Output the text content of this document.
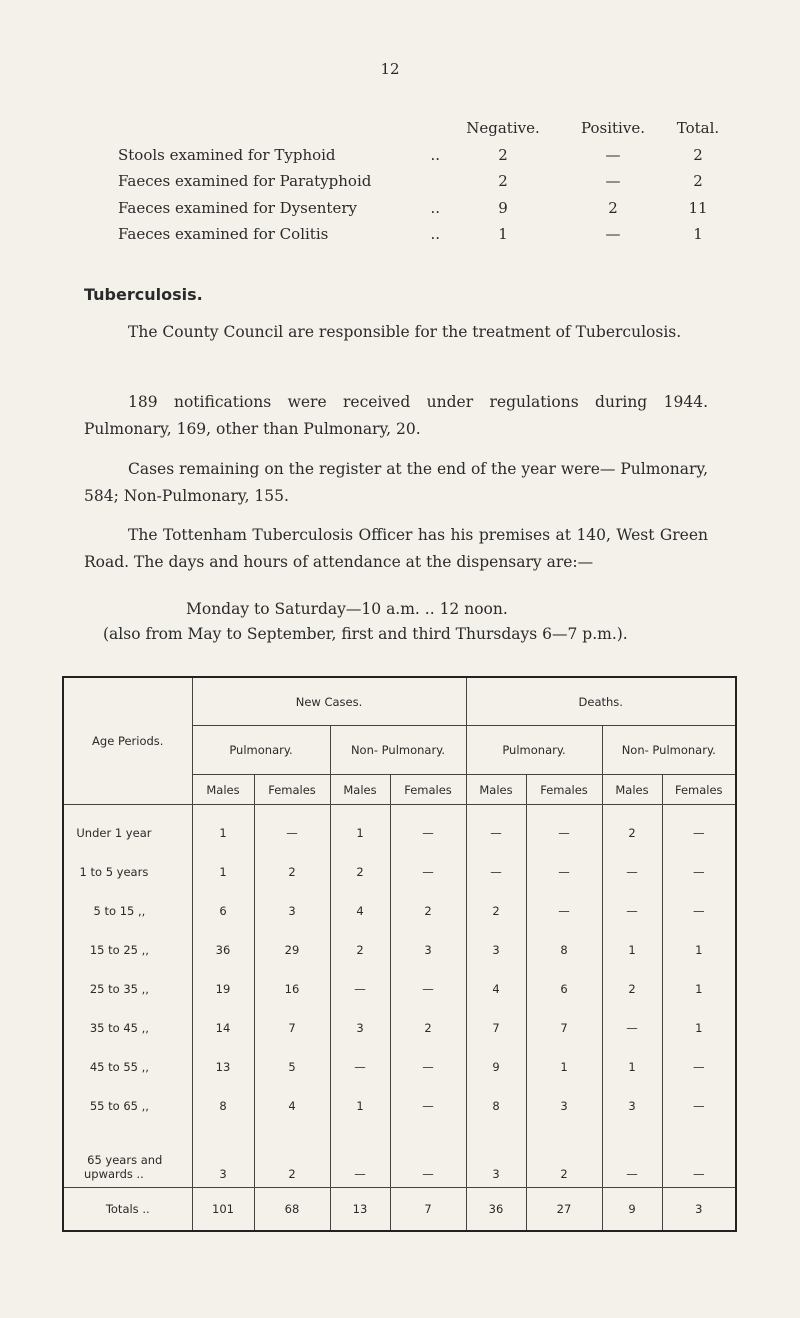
12
	Negative.	Positive.	Total.
Stools examined for Typhoid ..	2	—	2
Faeces examined for Paratyphoid	2	—	2
Faeces examined for Dysentery ..	9	2	11
Faeces examined for Colitis ..	1	—	1
Tuberculosis.
The County Council are responsible for the treatment of Tuberculosis.
189 notifications were received under regulations during 1944. Pulmonary, 169, other than Pulmonary, 20.
Cases remaining on the register at the end of the year were— Pulmonary, 584; Non-Pulmonary, 155.
The Tottenham Tuberculosis Officer has his premises at 140, West Green Road. The days and hours of attendance at the dispensary are:—
Monday to Saturday—10 a.m. .. 12 noon.
(also from May to September, first and third Thursdays 6—7 p.m.).
Age Periods.	New Cases.				Deaths.			
	Pulmonary.		Non- Pulmonary.		Pulmonary.		Non- Pulmonary.	
	Males	Females	Males	Females	Males	Females	Males	Females
Under 1 year	1	—	1	—	—	—	2	—
1 to 5 years	1	2	2	—	—	—	—	—
5 to 15 ,,	6	3	4	2	2	—	—	—
15 to 25 ,,	36	29	2	3	3	8	1	1
25 to 35 ,,	19	16	—	—	4	6	2	1
35 to 45 ,,	14	7	3	2	7	7	—	1
45 to 55 ,,	13	5	—	—	9	1	1	—
55 to 65 ,,	8	4	1	—	8	3	3	—
65 years and upwards ..	3	2	—	—	3	2	—	—
Totals ..	101	68	13	7	36	27	9	3
